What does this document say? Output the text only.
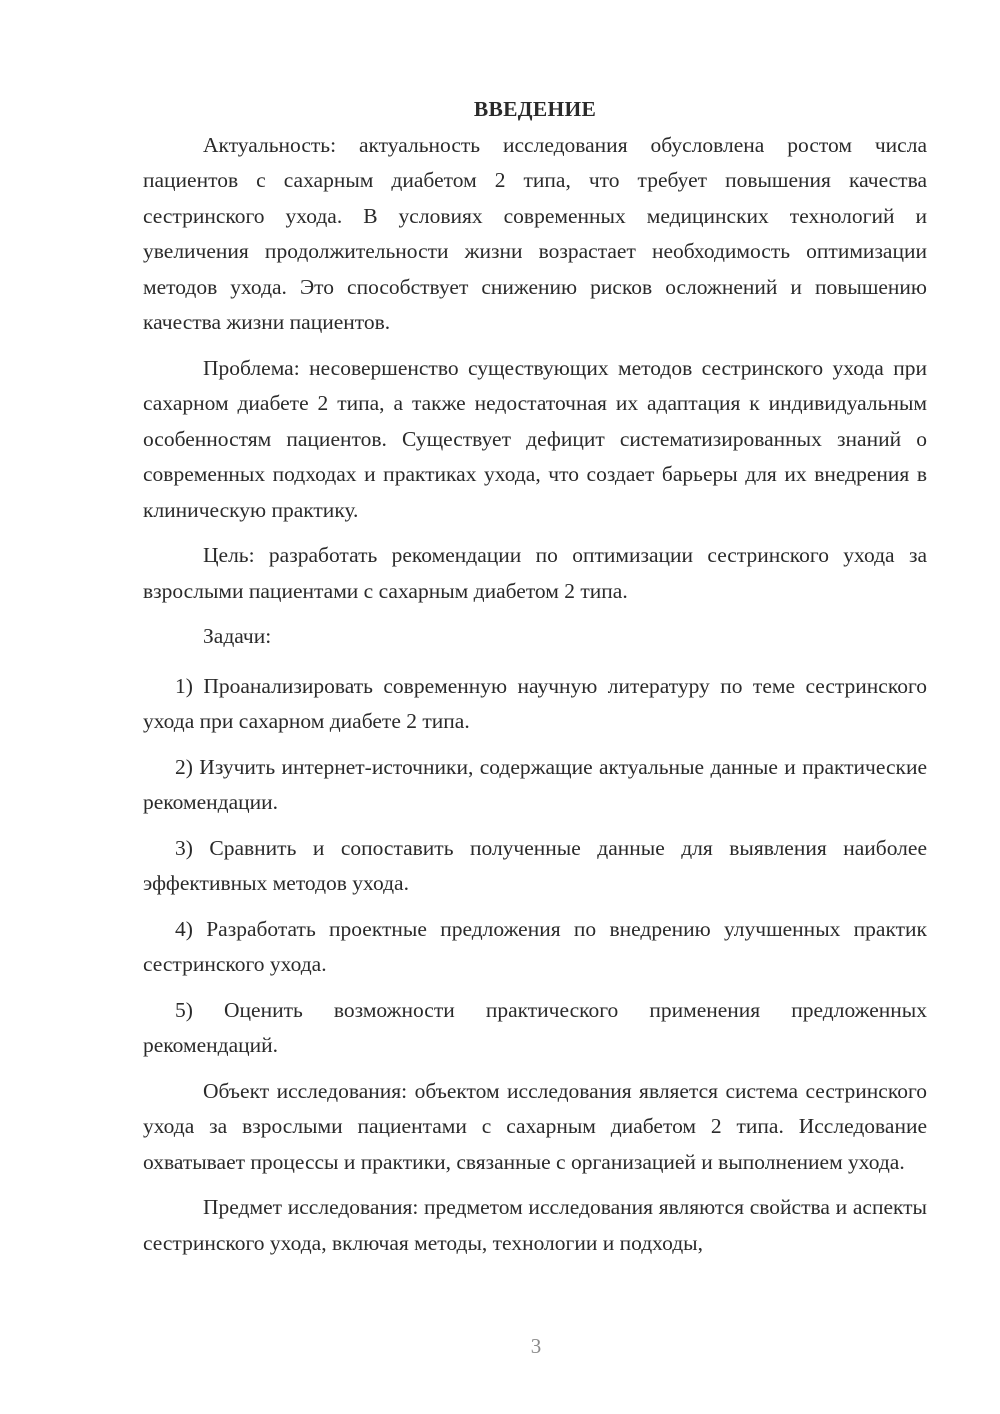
ВВЕДЕНИЕ

Актуальность: актуальность исследования обусловлена ростом числа пациентов с сахарным диабетом 2 типа, что требует повышения качества сестринского ухода. В условиях современных медицинских технологий и увеличения продолжительности жизни возрастает необходимость оптимизации методов ухода. Это способствует снижению рисков осложнений и повышению качества жизни пациентов.

Проблема: несовершенство существующих методов сестринского ухода при сахарном диабете 2 типа, а также недостаточная их адаптация к индивидуальным особенностям пациентов. Существует дефицит систематизированных знаний о современных подходах и практиках ухода, что создает барьеры для их внедрения в клиническую практику.

Цель: разработать рекомендации по оптимизации сестринского ухода за взрослыми пациентами с сахарным диабетом 2 типа.

Задачи:

1) Проанализировать современную научную литературу по теме сестринского ухода при сахарном диабете 2 типа.

2) Изучить интернет-источники, содержащие актуальные данные и практические рекомендации.

3) Сравнить и сопоставить полученные данные для выявления наиболее эффективных методов ухода.

4) Разработать проектные предложения по внедрению улучшенных практик сестринского ухода.

5) Оценить возможности практического применения предложенных рекомендаций.

Объект исследования: объектом исследования является система сестринского ухода за взрослыми пациентами с сахарным диабетом 2 типа. Исследование охватывает процессы и практики, связанные с организацией и выполнением ухода.

Предмет исследования: предметом исследования являются свойства и аспекты сестринского ухода, включая методы, технологии и подходы,

3
